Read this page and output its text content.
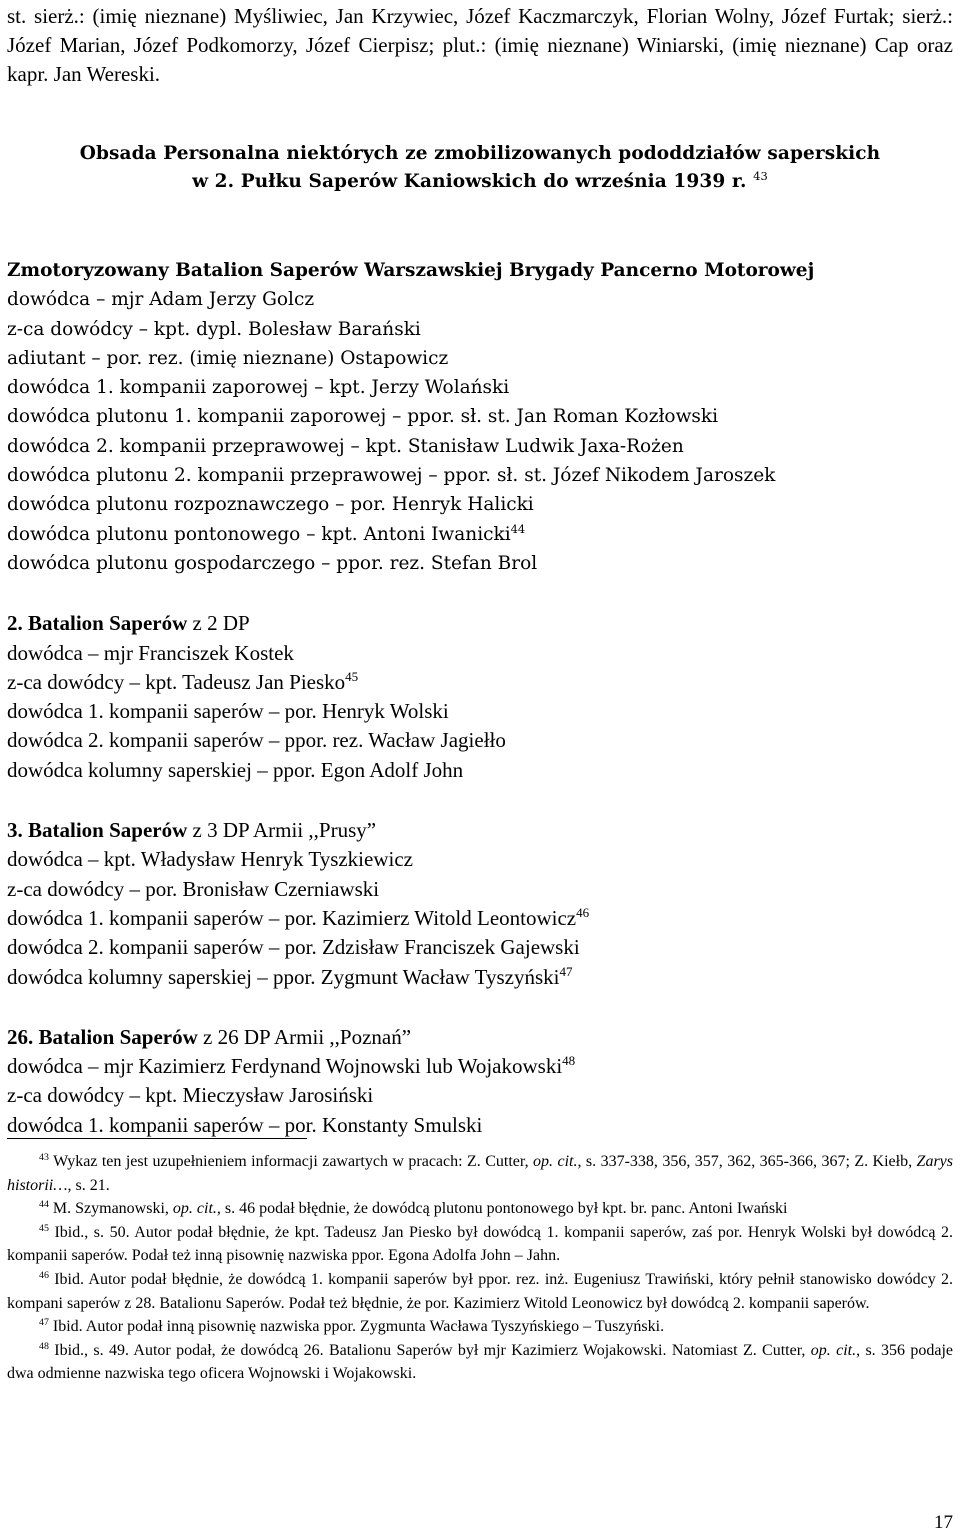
st. sierż.: (imię nieznane) Myśliwiec, Jan Krzywiec, Józef Kaczmarczyk, Florian Wolny, Józef Furtak; sierż.: Józef Marian, Józef Podkomorzy, Józef Cierpisz; plut.: (imię nieznane) Winiarski, (imię nieznane) Cap oraz kapr. Jan Wereski.
Obsada Personalna niektórych ze zmobilizowanych pododdziałów saperskich
w 2. Pułku Saperów Kaniowskich do września 1939 r. $^{43}$
Zmotoryzowany Batalion Saperów Warszawskiej Brygady Pancerno Motorowej
dowódca – mjr Adam Jerzy Golcz
z-ca dowódcy – kpt. dypl. Bolesław Barański
adiutant – por. rez. (imię nieznane) Ostapowicz
dowódca 1. kompanii zaporowej – kpt. Jerzy Wolański
dowódca plutonu 1. kompanii zaporowej – ppor. sł. st. Jan Roman Kozłowski
dowódca 2. kompanii przeprawowej – kpt. Stanisław Ludwik Jaxa-Rożen
dowódca plutonu 2. kompanii przeprawowej – ppor. sł. st. Józef Nikodem Jaroszek
dowódca plutonu rozpoznawczego – por. Henryk Halicki
dowódca plutonu pontonowego – kpt. Antoni Iwanicki$^{44}$
dowódca plutonu gospodarczego – ppor. rez. Stefan Brol
2. Batalion Saperów z 2 DP
dowódca – mjr Franciszek Kostek
z-ca dowódcy – kpt. Tadeusz Jan Piesko$^{45}$
dowódca 1. kompanii saperów – por. Henryk Wolski
dowódca 2. kompanii saperów – ppor. rez. Wacław Jagiełło
dowódca kolumny saperskiej – ppor. Egon Adolf John
3. Batalion Saperów z 3 DP Armii ,,Prusy”
dowódca – kpt. Władysław Henryk Tyszkiewicz
z-ca dowódcy – por. Bronisław Czerniawski
dowódca 1. kompanii saperów – por. Kazimierz Witold Leontowicz$^{46}$
dowódca 2. kompanii saperów – por. Zdzisław Franciszek Gajewski
dowódca kolumny saperskiej – ppor. Zygmunt Wacław Tyszyński$^{47}$
26. Batalion Saperów z 26 DP Armii ,,Poznań”
dowódca – mjr Kazimierz Ferdynand Wojnowski lub Wojakowski$^{48}$
z-ca dowódcy – kpt. Mieczysław Jarosiński
dowódca 1. kompanii saperów – por. Konstanty Smulski

$^{43}$ Wykaz ten jest uzupełnieniem informacji zawartych w pracach: Z. Cutter, op. cit., s. 337-338, 356, 357, 362, 365-366, 367; Z. Kiełb, Zarys historii…, s. 21.

$^{44}$ M. Szymanowski, op. cit., s. 46 podał błędnie, że dowódcą plutonu pontonowego był kpt. br. panc. Antoni Iwański

$^{45}$ Ibid., s. 50. Autor podał błędnie, że kpt. Tadeusz Jan Piesko był dowódcą 1. kompanii saperów, zaś por. Henryk Wolski był dowódcą 2. kompanii saperów. Podał też inną pisownię nazwiska ppor. Egona Adolfa John – Jahn.

$^{46}$ Ibid. Autor podał błędnie, że dowódcą 1. kompanii saperów był ppor. rez. inż. Eugeniusz Trawiński, który pełnił stanowisko dowódcy 2. kompani saperów z 28. Batalionu Saperów. Podał też błędnie, że por. Kazimierz Witold Leonowicz był dowódcą 2. kompanii saperów.

$^{47}$ Ibid. Autor podał inną pisownię nazwiska ppor. Zygmunta Wacława Tyszyńskiego – Tuszyński.

$^{48}$ Ibid., s. 49. Autor podał, że dowódcą 26. Batalionu Saperów był mjr Kazimierz Wojakowski. Natomiast Z. Cutter, op. cit., s. 356 podaje dwa odmienne nazwiska tego oficera Wojnowski i Wojakowski.

17
